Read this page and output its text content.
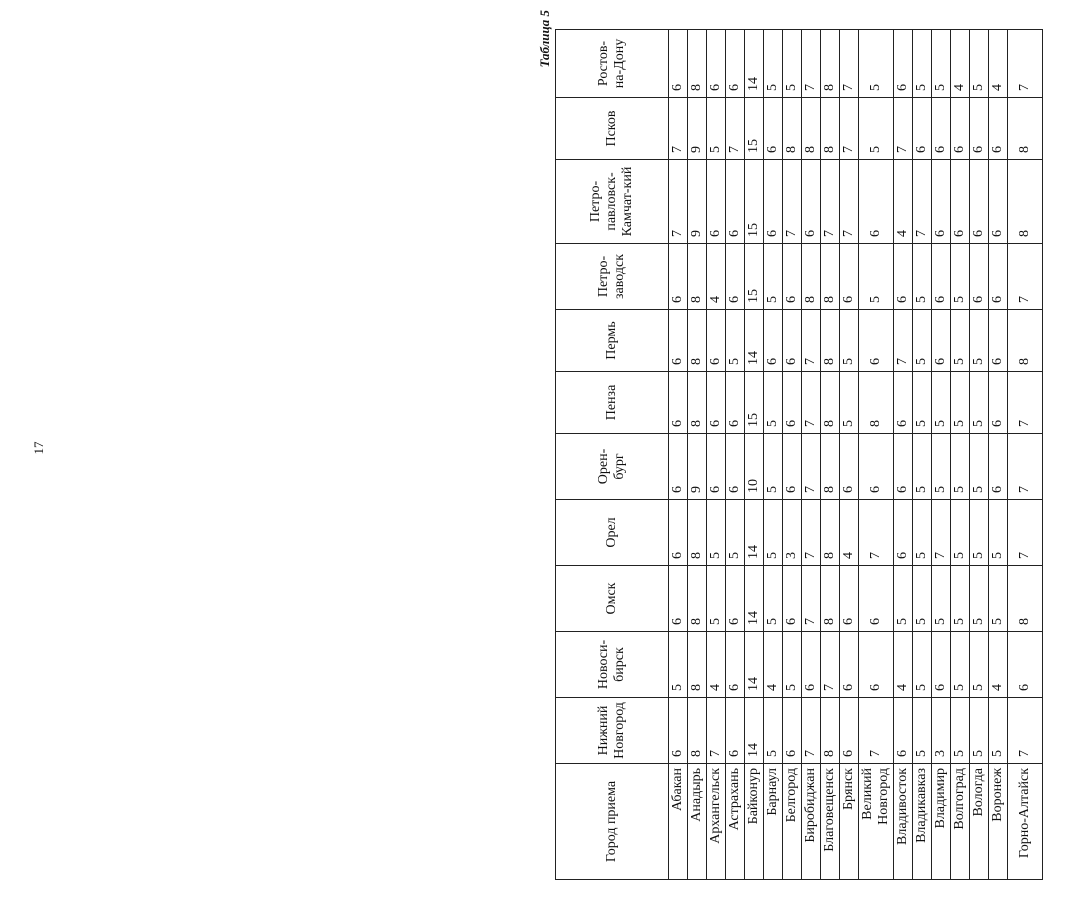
17
Таблица 5
Город приема	Нижний Новгород	Новоси-бирск	Омск	Орел	Орен-бург	Пенза	Пермь	Петро-заводск	Петро-павловск-Камчат-кий	Псков	Ростов-на-Дону
Абакан	6	5	6	6	6	6	6	6	7	7	6
Анадырь	8	8	8	8	9	8	8	8	9	9	8
Архангельск	7	4	5	5	6	6	6	4	6	5	6
Астрахань	6	6	6	5	6	6	5	6	6	7	6
Байконур	14	14	14	14	10	15	14	15	15	15	14
Барнаул	5	4	5	5	5	5	6	5	6	6	5
Белгород	6	5	6	3	6	6	6	6	7	8	5
Биробиджан	7	6	7	7	7	7	7	8	6	8	7
Благовещенск	8	7	8	8	8	8	8	8	7	8	8
Брянск	6	6	6	4	6	5	5	6	7	7	7
Великий Новгород	7	6	6	7	6	8	6	5	6	5	5
Владивосток	6	4	5	6	6	6	7	6	4	7	6
Владикавказ	5	5	5	5	5	5	5	5	7	6	5
Владимир	3	6	5	7	5	5	6	6	6	6	5
Волгоград	5	5	5	5	5	5	5	5	6	6	4
Вологда	5	5	5	5	5	5	5	6	6	6	5
Воронеж	5	4	5	5	6	6	6	6	6	6	4
Горно-Алтайск	7	6	8	7	7	7	8	7	8	8	7
